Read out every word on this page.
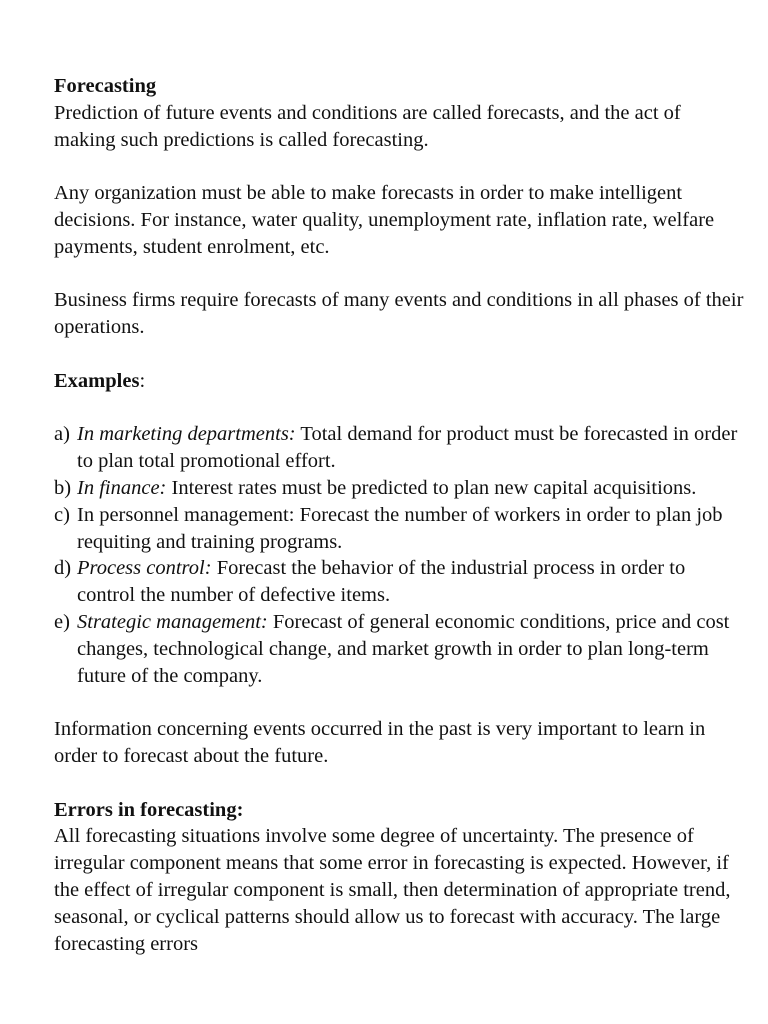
Forecasting

Prediction of future events and conditions are called forecasts, and the act of making such predictions is called forecasting.

Any organization must be able to make forecasts in order to make intelligent decisions. For instance, water quality, unemployment rate, inflation rate, welfare payments, student enrolment, etc.

Business firms require forecasts of many events and conditions in all phases of their operations.

Examples:

a) In marketing departments: Total demand for product must be forecasted in order to plan total promotional effort.
b) In finance: Interest rates must be predicted to plan new capital acquisitions.
c) In personnel management: Forecast the number of workers in order to plan job requiting and training programs.
d) Process control: Forecast the behavior of the industrial process in order to control the number of defective items.
e) Strategic management: Forecast of general economic conditions, price and cost changes, technological change, and market growth in order to plan long-term future of the company.

Information concerning events occurred in the past is very important to learn in order to forecast about the future.

Errors in forecasting:

All forecasting situations involve some degree of uncertainty. The presence of irregular component means that some error in forecasting is expected. However, if the effect of irregular component is small, then determination of appropriate trend, seasonal, or cyclical patterns should allow us to forecast with accuracy. The large forecasting errors
